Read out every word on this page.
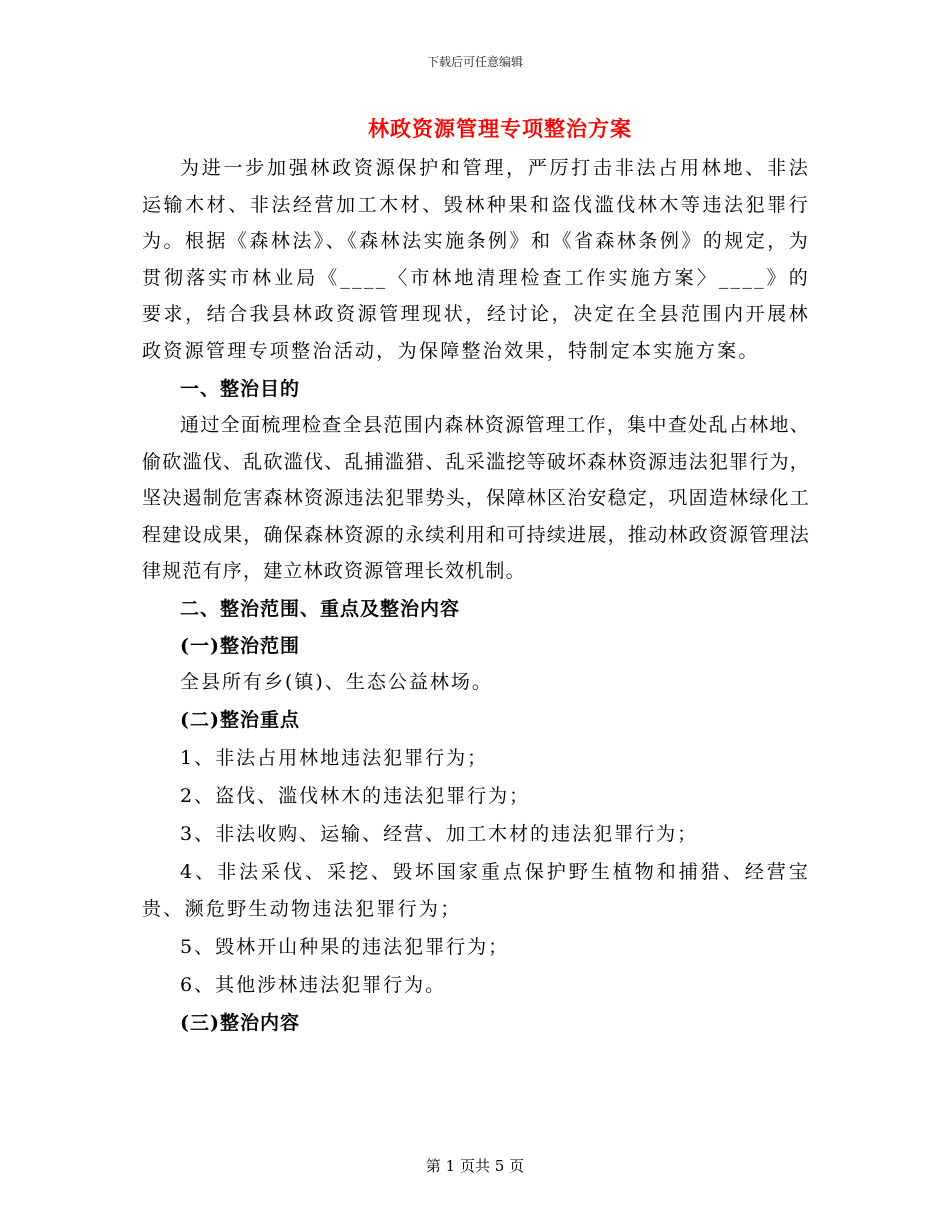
下载后可任意编辑
林政资源管理专项整治方案

为进一步加强林政资源保护和管理，严厉打击非法占用林地、非法运输木材、非法经营加工木材、毁林种果和盗伐滥伐林木等违法犯罪行为。根据《森林法》、《森林法实施条例》和《省森林条例》的规定，为贯彻落实市林业局《____〈市林地清理检查工作实施方案〉____》的要求，结合我县林政资源管理现状，经讨论，决定在全县范围内开展林政资源管理专项整治活动，为保障整治效果，特制定本实施方案。

一、整治目的

通过全面梳理检查全县范围内森林资源管理工作，集中查处乱占林地、偷砍滥伐、乱砍滥伐、乱捕滥猎、乱采滥挖等破坏森林资源违法犯罪行为，坚决遏制危害森林资源违法犯罪势头，保障林区治安稳定，巩固造林绿化工程建设成果，确保森林资源的永续利用和可持续进展，推动林政资源管理法律规范有序，建立林政资源管理长效机制。

二、整治范围、重点及整治内容

(一)整治范围

全县所有乡(镇)、生态公益林场。

(二)整治重点

1、非法占用林地违法犯罪行为；

2、盗伐、滥伐林木的违法犯罪行为；

3、非法收购、运输、经营、加工木材的违法犯罪行为；

4、非法采伐、采挖、毁坏国家重点保护野生植物和捕猎、经营宝贵、濒危野生动物违法犯罪行为；

5、毁林开山种果的违法犯罪行为；

6、其他涉林违法犯罪行为。

(三)整治内容

第 1 页共 5 页
